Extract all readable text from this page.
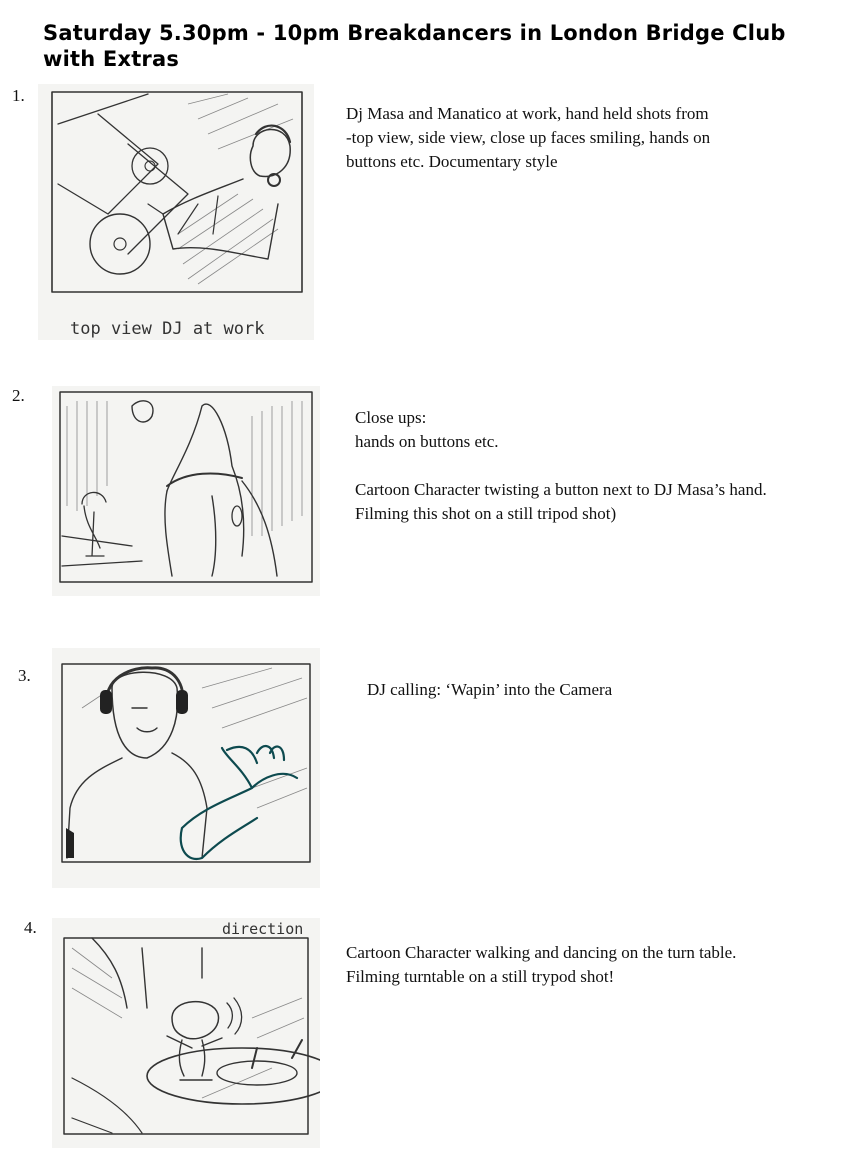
Saturday 5.30pm - 10pm Breakdancers in London Bridge Club with Extras
1.
top view DJ at work

Dj Masa and Manatico at work, hand held shots from

-top view, side view, close up faces smiling, hands on

buttons etc. Documentary style

2.

Close ups:

hands on buttons etc.

Cartoon Character twisting a button next to DJ Masa’s hand.

Filming this shot on a still tripod shot)

3.

DJ calling: ‘Wapin’ into the Camera

4.	direction

Cartoon Character walking and dancing on the turn table.

Filming turntable on a still trypod shot!
